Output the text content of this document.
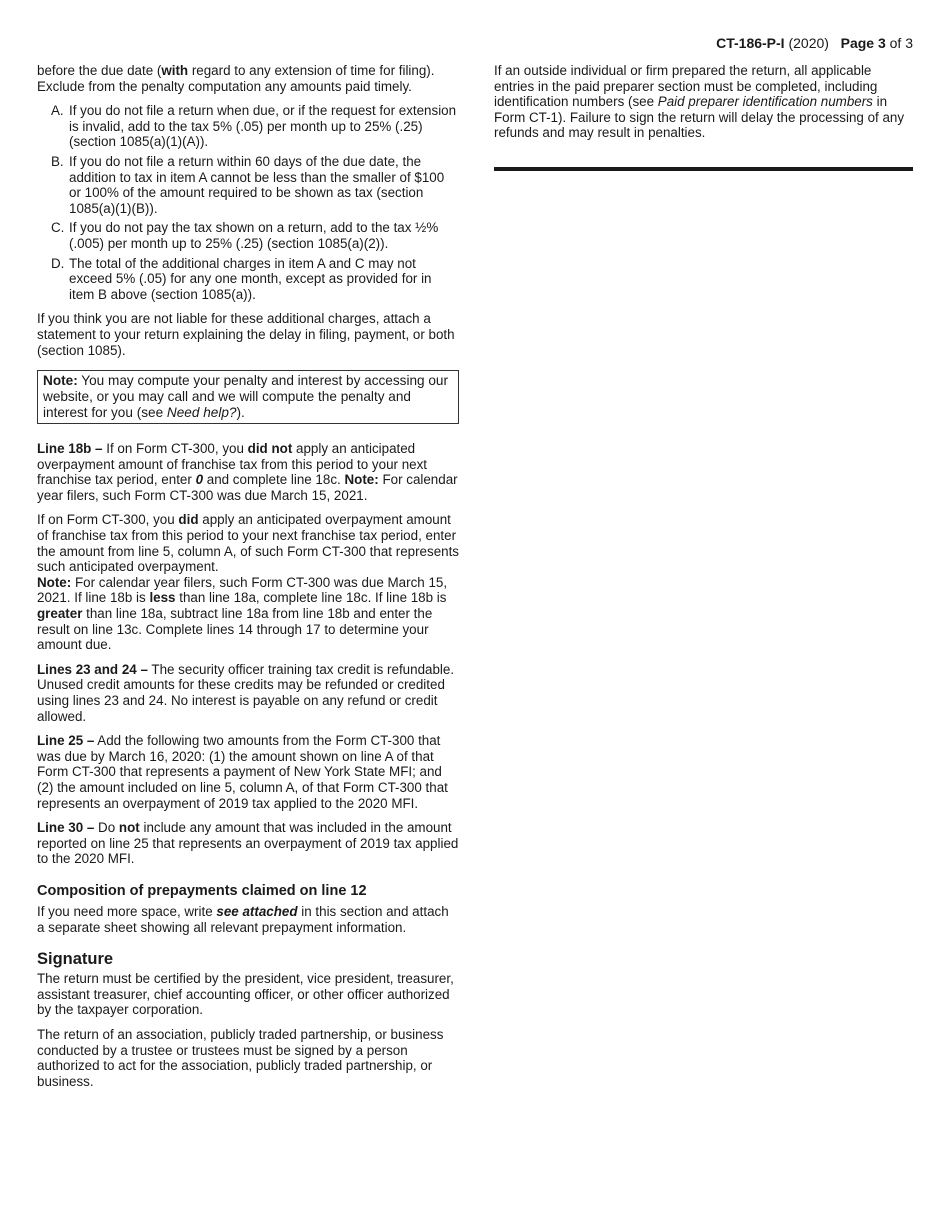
CT-186-P-I (2020) Page 3 of 3

before the due date (with regard to any extension of time for filing). Exclude from the penalty computation any amounts paid timely.

A. If you do not file a return when due, or if the request for extension is invalid, add to the tax 5% (.05) per month up to 25% (.25) (section 1085(a)(1)(A)).
B. If you do not file a return within 60 days of the due date, the addition to tax in item A cannot be less than the smaller of $100 or 100% of the amount required to be shown as tax (section 1085(a)(1)(B)).
C. If you do not pay the tax shown on a return, add to the tax ½% (.005) per month up to 25% (.25) (section 1085(a)(2)).
D. The total of the additional charges in item A and C may not exceed 5% (.05) for any one month, except as provided for in item B above (section 1085(a)).

If you think you are not liable for these additional charges, attach a statement to your return explaining the delay in filing, payment, or both (section 1085).

Note: You may compute your penalty and interest by accessing our website, or you may call and we will compute the penalty and interest for you (see Need help?).

Line 18b – If on Form CT-300, you did not apply an anticipated overpayment amount of franchise tax from this period to your next franchise tax period, enter 0 and complete line 18c. Note: For calendar year filers, such Form CT-300 was due March 15, 2021.

If on Form CT-300, you did apply an anticipated overpayment amount of franchise tax from this period to your next franchise tax period, enter the amount from line 5, column A, of such Form CT-300 that represents such anticipated overpayment.
Note: For calendar year filers, such Form CT-300 was due March 15, 2021. If line 18b is less than line 18a, complete line 18c. If line 18b is greater than line 18a, subtract line 18a from line 18b and enter the result on line 13c. Complete lines 14 through 17 to determine your amount due.

Lines 23 and 24 – The security officer training tax credit is refundable. Unused credit amounts for these credits may be refunded or credited using lines 23 and 24. No interest is payable on any refund or credit allowed.

Line 25 – Add the following two amounts from the Form CT-300 that was due by March 16, 2020: (1) the amount shown on line A of that Form CT-300 that represents a payment of New York State MFI; and (2) the amount included on line 5, column A, of that Form CT-300 that represents an overpayment of 2019 tax applied to the 2020 MFI.

Line 30 – Do not include any amount that was included in the amount reported on line 25 that represents an overpayment of 2019 tax applied to the 2020 MFI.

Composition of prepayments claimed on line 12

If you need more space, write see attached in this section and attach a separate sheet showing all relevant prepayment information.

Signature

The return must be certified by the president, vice president, treasurer, assistant treasurer, chief accounting officer, or other officer authorized by the taxpayer corporation.

The return of an association, publicly traded partnership, or business conducted by a trustee or trustees must be signed by a person authorized to act for the association, publicly traded partnership, or business.

If an outside individual or firm prepared the return, all applicable entries in the paid preparer section must be completed, including identification numbers (see Paid preparer identification numbers in Form CT-1). Failure to sign the return will delay the processing of any refunds and may result in penalties.
